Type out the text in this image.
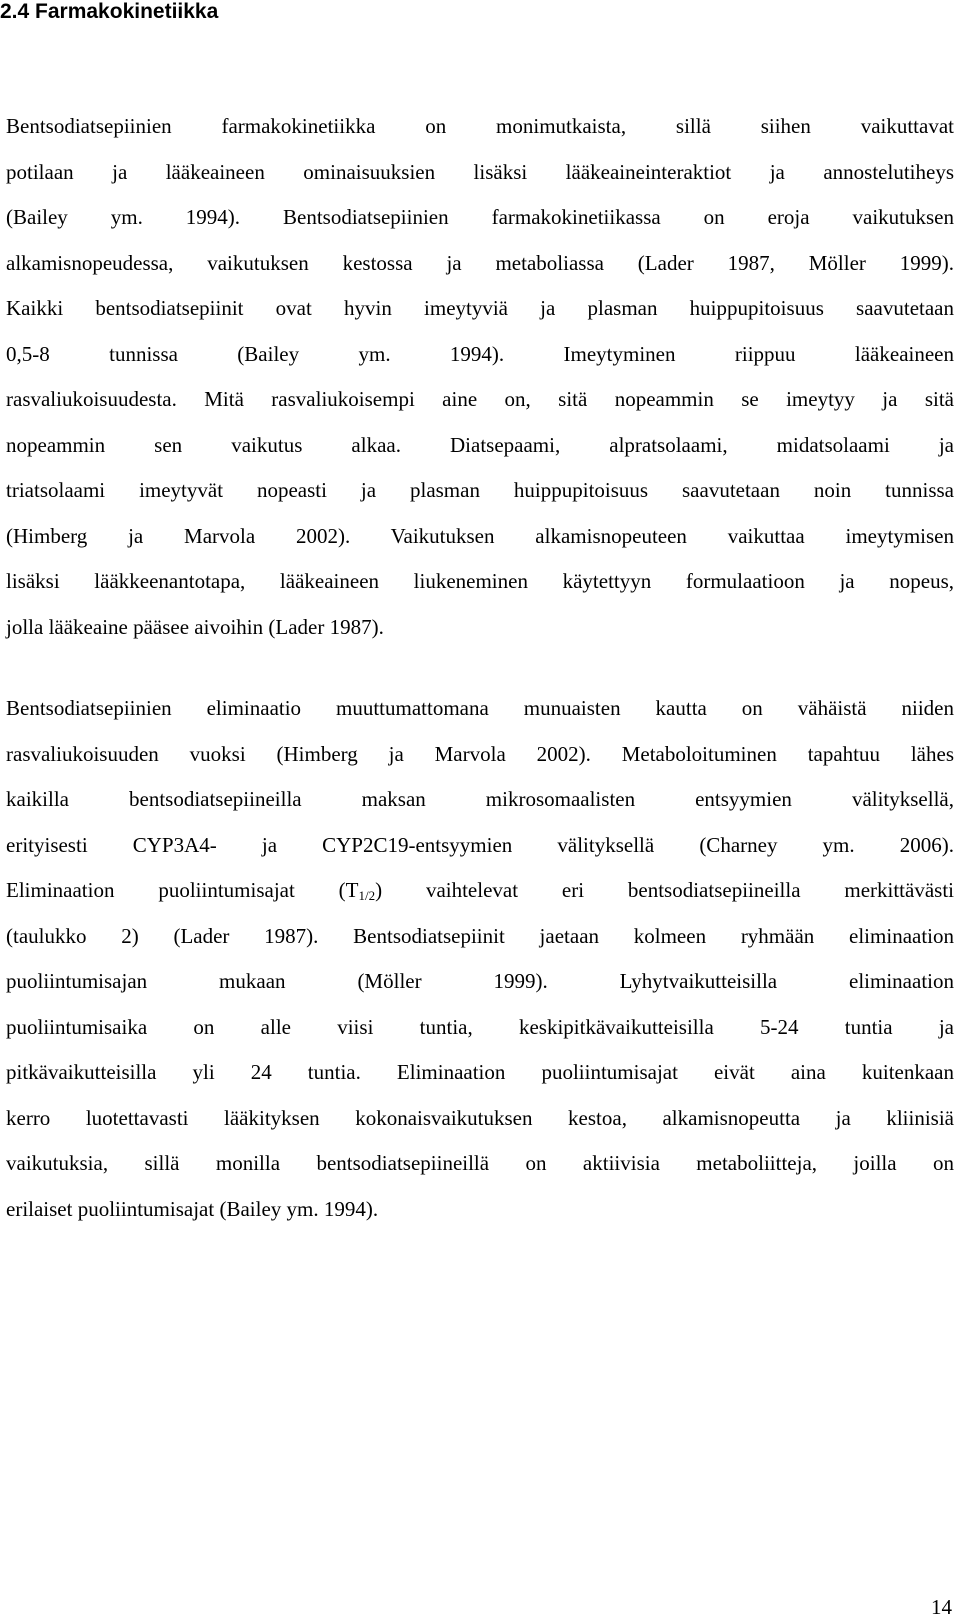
2.4 Farmakokinetiikka
Bentsodiatsepiinien farmakokinetiikka on monimutkaista, sillä siihen vaikuttavat
potilaan ja lääkeaineen ominaisuuksien lisäksi lääkeaineinteraktiot ja annostelutiheys
(Bailey ym. 1994). Bentsodiatsepiinien farmakokinetiikassa on eroja vaikutuksen
alkamisnopeudessa, vaikutuksen kestossa ja metaboliassa (Lader 1987, Möller 1999).
Kaikki bentsodiatsepiinit ovat hyvin imeytyviä ja plasman huippupitoisuus saavutetaan
0,5-8 tunnissa (Bailey ym. 1994). Imeytyminen riippuu lääkeaineen
rasvaliukoisuudesta. Mitä rasvaliukoisempi aine on, sitä nopeammin se imeytyy ja sitä
nopeammin sen vaikutus alkaa. Diatsepaami, alpratsolaami, midatsolaami ja
triatsolaami imeytyvät nopeasti ja plasman huippupitoisuus saavutetaan noin tunnissa
(Himberg ja Marvola 2002). Vaikutuksen alkamisnopeuteen vaikuttaa imeytymisen
lisäksi lääkkeenantotapa, lääkeaineen liukeneminen käytettyyn formulaatioon ja nopeus,
jolla lääkeaine pääsee aivoihin (Lader 1987).
Bentsodiatsepiinien eliminaatio muuttumattomana munuaisten kautta on vähäistä niiden
rasvaliukoisuuden vuoksi (Himberg ja Marvola 2002). Metaboloituminen tapahtuu lähes
kaikilla bentsodiatsepiineilla maksan mikrosomaalisten entsyymien välityksellä,
erityisesti CYP3A4- ja CYP2C19-entsyymien välityksellä (Charney ym. 2006).
Eliminaation puoliintumisajat $(T_{1/2})$ vaihtelevat eri bentsodiatsepiineilla merkittävästi
(taulukko 2) (Lader 1987). Bentsodiatsepiinit jaetaan kolmeen ryhmään eliminaation
puoliintumisajan mukaan (Möller 1999). Lyhytvaikutteisilla eliminaation
puoliintumisaika on alle viisi tuntia, keskipitkävaikutteisilla 5-24 tuntia ja
pitkävaikutteisilla yli 24 tuntia. Eliminaation puoliintumisajat eivät aina kuitenkaan
kerro luotettavasti lääkityksen kokonaisvaikutuksen kestoa, alkamisnopeutta ja kliinisiä
vaikutuksia, sillä monilla bentsodiatsepiineillä on aktiivisia metaboliitteja, joilla on
erilaiset puoliintumisajat (Bailey ym. 1994).
14
